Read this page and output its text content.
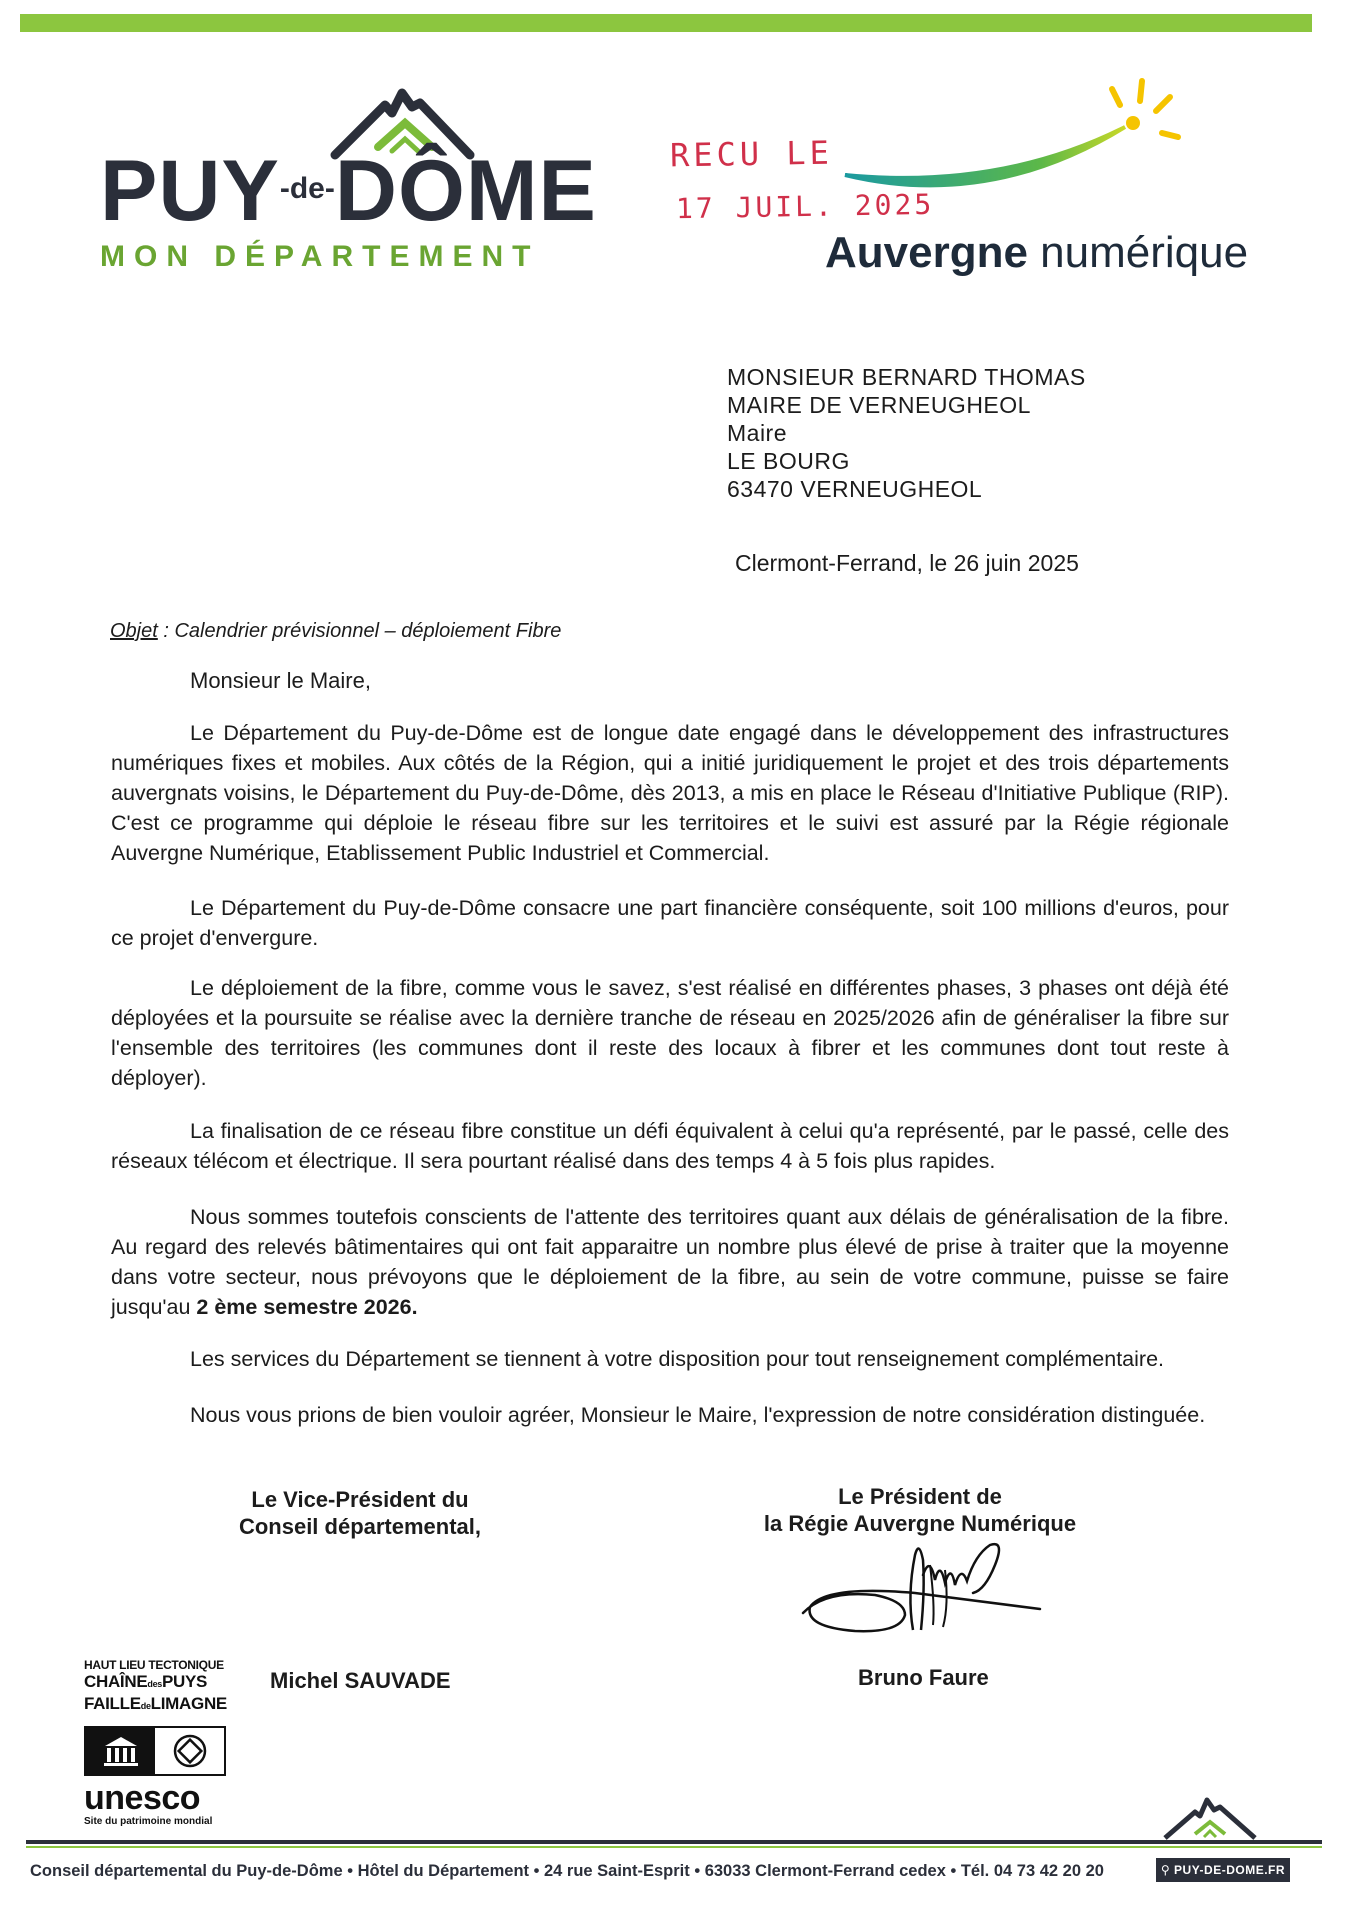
$PUY^{-de-}DÔME$
MON DÉPARTEMENT
RECU LE
17 JUIL. 2025
Auvergne numérique
MONSIEUR BERNARD THOMAS
MAIRE DE VERNEUGHEOL
Maire
LE BOURG
63470 VERNEUGHEOL
Clermont-Ferrand, le 26 juin 2025
Objet : Calendrier prévisionnel – déploiement Fibre
Monsieur le Maire,

Le Département du Puy-de-Dôme est de longue date engagé dans le développement des infrastructures numériques fixes et mobiles. Aux côtés de la Région, qui a initié juridiquement le projet et des trois départements auvergnats voisins, le Département du Puy-de-Dôme, dès 2013, a mis en place le Réseau d'Initiative Publique (RIP). C'est ce programme qui déploie le réseau fibre sur les territoires et le suivi est assuré par la Régie régionale Auvergne Numérique, Etablissement Public Industriel et Commercial.

Le Département du Puy-de-Dôme consacre une part financière conséquente, soit 100 millions d'euros, pour ce projet d'envergure.

Le déploiement de la fibre, comme vous le savez, s'est réalisé en différentes phases, 3 phases ont déjà été déployées et la poursuite se réalise avec la dernière tranche de réseau en 2025/2026 afin de généraliser la fibre sur l'ensemble des territoires (les communes dont il reste des locaux à fibrer et les communes dont tout reste à déployer).

La finalisation de ce réseau fibre constitue un défi équivalent à celui qu'a représenté, par le passé, celle des réseaux télécom et électrique. Il sera pourtant réalisé dans des temps 4 à 5 fois plus rapides.

Nous sommes toutefois conscients de l'attente des territoires quant aux délais de généralisation de la fibre. Au regard des relevés bâtimentaires qui ont fait apparaitre un nombre plus élevé de prise à traiter que la moyenne dans votre secteur, nous prévoyons que le déploiement de la fibre, au sein de votre commune, puisse se faire jusqu'au 2 ème semestre 2026.

Les services du Département se tiennent à votre disposition pour tout renseignement complémentaire.

Nous vous prions de bien vouloir agréer, Monsieur le Maire, l'expression de notre considération distinguée.

Le Vice-Président du
Conseil départemental,
Le Président de
la Régie Auvergne Numérique
Michel SAUVADE	Bruno Faure
HAUT LIEU TECTONIQUE
CHAÎNEdesPUYS
FAILLEdeLIMAGNE
unesco
Site du patrimoine mondial
Conseil départemental du Puy-de-Dôme • Hôtel du Département • 24 rue Saint-Esprit • 63033 Clermont-Ferrand cedex • Tél. 04 73 42 20 20	⚲ PUY-DE-DOME.FR
